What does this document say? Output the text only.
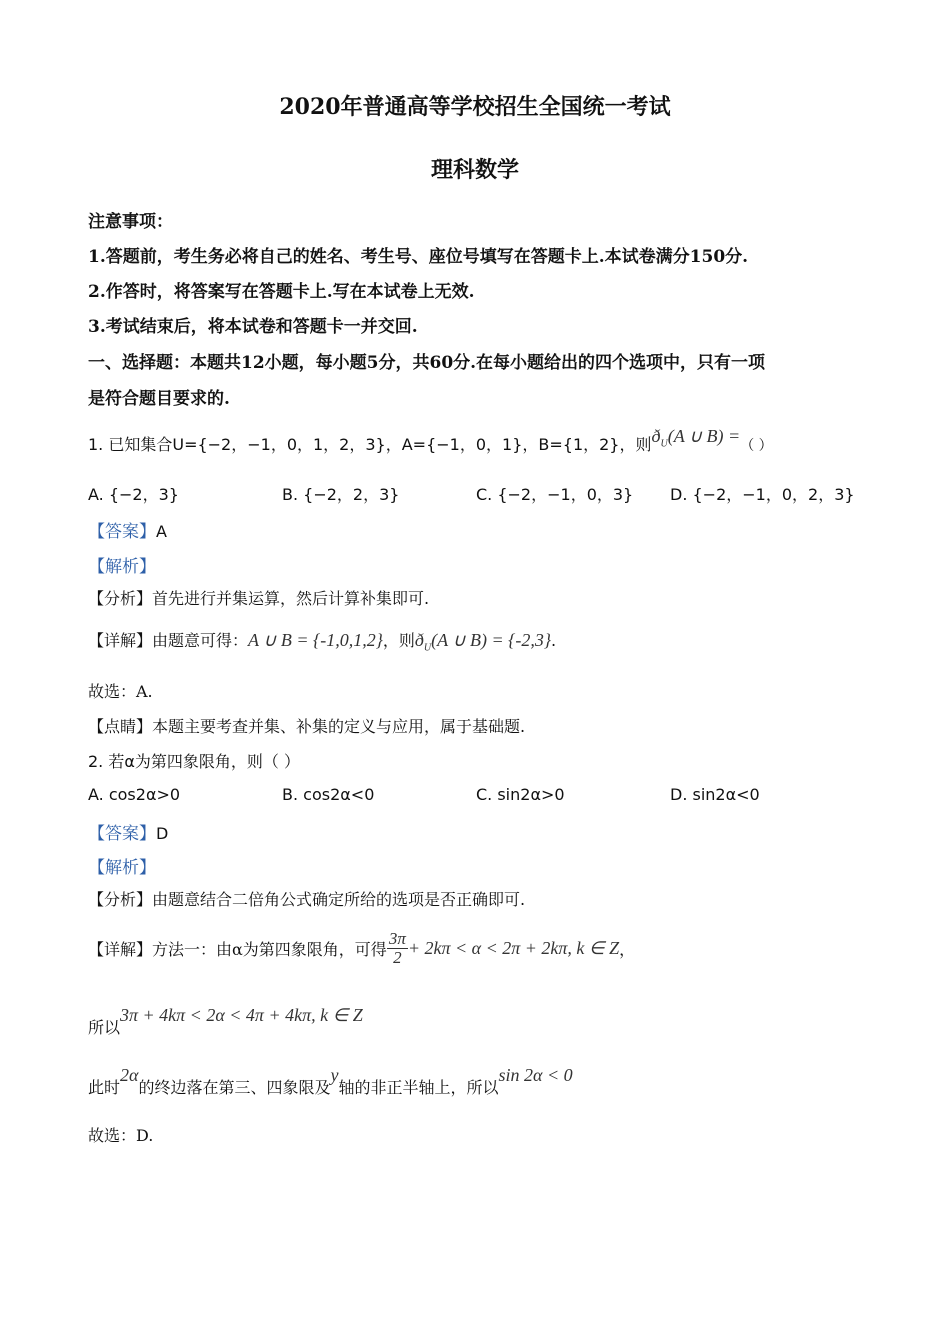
2020年普通高等学校招生全国统一考试
理科数学
注意事项：
1.答题前，考生务必将自己的姓名、考生号、座位号填写在答题卡上.本试卷满分150分.
2.作答时，将答案写在答题卡上.写在本试卷上无效.
3.考试结束后，将本试卷和答题卡一并交回.
一、选择题：本题共12小题，每小题5分，共60分.在每小题给出的四个选项中，只有一项
是符合题目要求的.
1. 已知集合U={−2，−1，0，1，2，3}，A={−1，0，1}，B={1，2}，则$ð_U(A$ ∪ B) =（ ）
A. {−2，3}	B. {−2，2，3}	C. {−2，−1，0，3} D. {−2，−1，0，2，3}
【答案】A
【解析】
【分析】首先进行并集运算，然后计算补集即可.
【详解】由题意可得：A ∪ B = {-1,0,1,2}，则$ð_U(A$ ∪ B) = {-2,3}.
故选：A.
【点睛】本题主要考查并集、补集的定义与应用，属于基础题.
2. 若α为第四象限角，则（ ）
A. cos2α>0	B. cos2α<0	C. sin2α>0	D. sin2α<0
【答案】D
【解析】
【分析】由题意结合二倍角公式确定所给的选项是否正确即可.
【详解】方法一：由α为第四象限角，可得 $\frac{3\pi}{2} + 2k\pi < \alpha < 2\pi + 2k\pi$, k ∈ Z，
所以3π + 4kπ < 2α < 4π + 4kπ, k ∈ Z
此时2α的终边落在第三、四象限及y轴的非正半轴上，所以sin 2α < 0
故选：D.
